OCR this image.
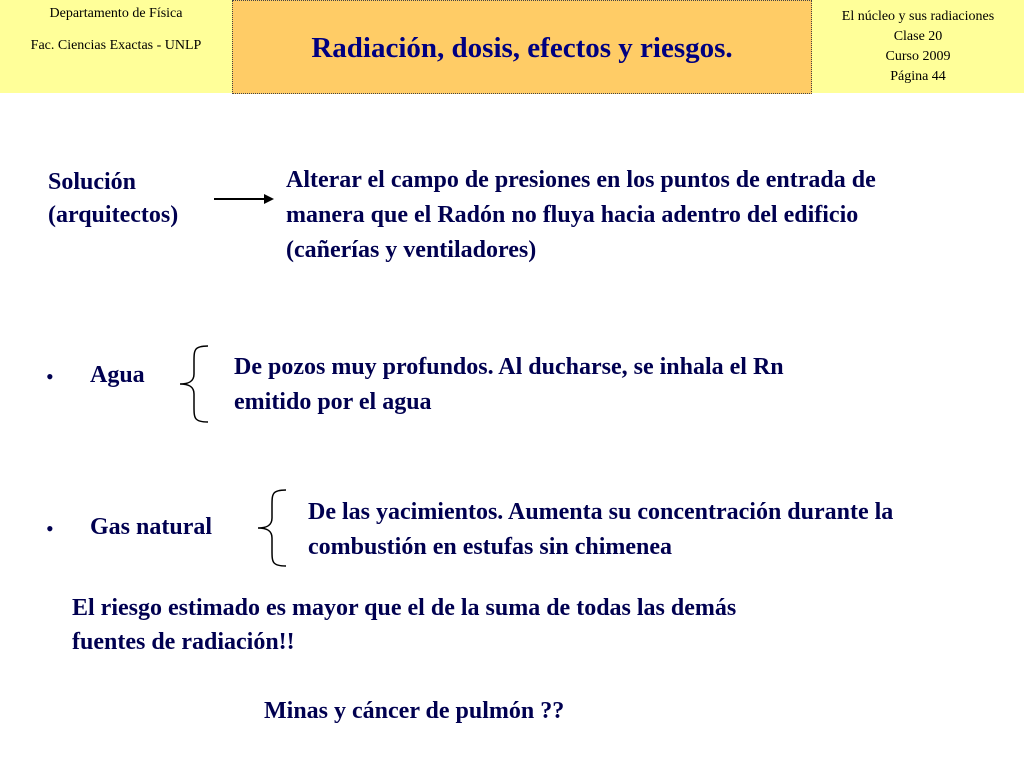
Departamento de Física
Fac. Ciencias Exactas - UNLP	Radiación, dosis, efectos y riesgos.
El núcleo y sus radiaciones
Clase 20
Curso 2009
Página 44
Solución
(arquitectos)
Alterar el campo de presiones en los puntos de entrada de
manera que el Radón no fluya hacia adentro del edificio
(cañerías y ventiladores)
• Agua	De pozos muy profundos. Al ducharse, se inhala el Rn
emitido por el agua
• Gas natural
De las yacimientos. Aumenta su concentración durante la
combustión en estufas sin chimenea
El riesgo estimado es mayor que el de la suma de todas las demás
fuentes de radiación!!
Minas y cáncer de pulmón ??
